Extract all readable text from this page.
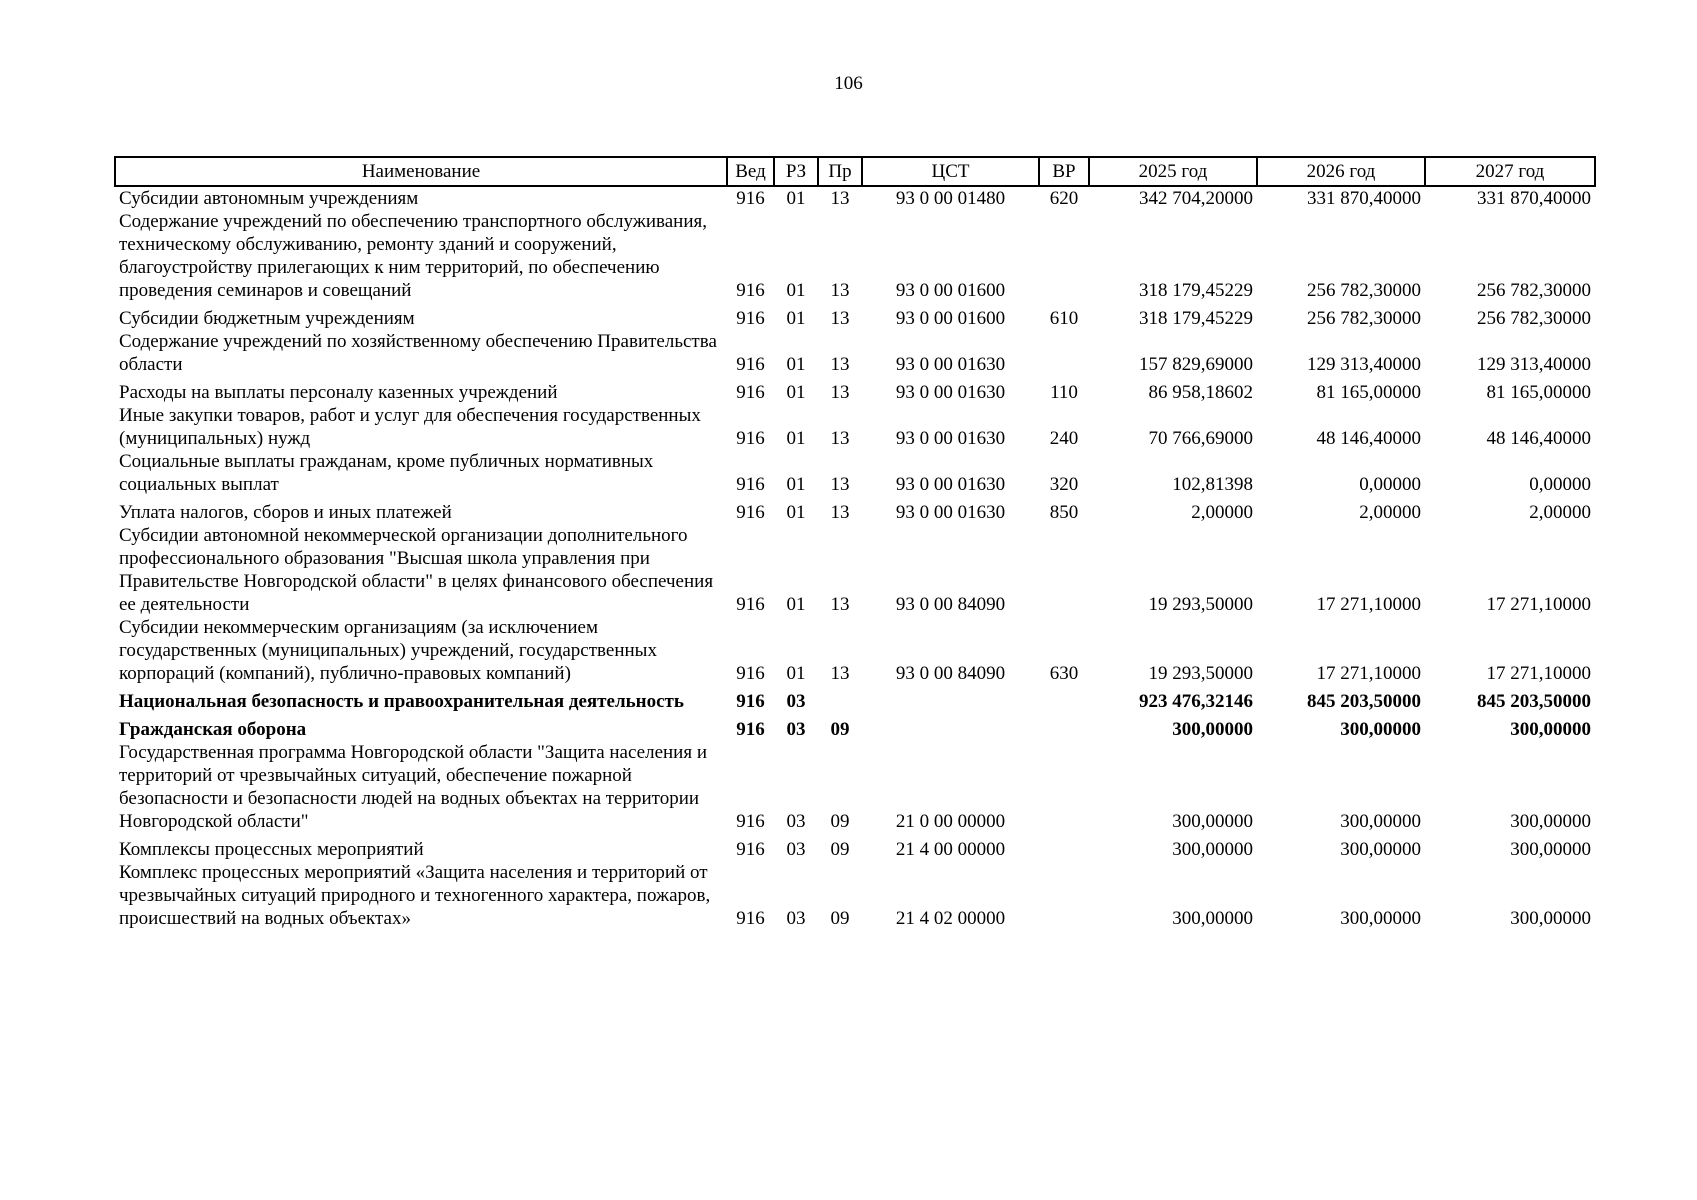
106
Наименование	Вед	РЗ	Пр	ЦСТ	ВР	2025 год	2026 год	2027 год
Субсидии автономным учреждениям	916	01	13	93 0 00 01480	620	342 704,20000	331 870,40000	331 870,40000
Содержание учреждений по обеспечению транспортного обслуживания, техническому обслуживанию, ремонту зданий и сооружений, благоустройству прилегающих к ним территорий, по обеспечению проведения семинаров и совещаний	916	01	13	93 0 00 01600		318 179,45229	256 782,30000	256 782,30000
Субсидии бюджетным учреждениям	916	01	13	93 0 00 01600	610	318 179,45229	256 782,30000	256 782,30000
Содержание учреждений по хозяйственному обеспечению Правительства области	916	01	13	93 0 00 01630		157 829,69000	129 313,40000	129 313,40000
Расходы на выплаты персоналу казенных учреждений	916	01	13	93 0 00 01630	110	86 958,18602	81 165,00000	81 165,00000
Иные закупки товаров, работ и услуг для обеспечения государственных (муниципальных) нужд	916	01	13	93 0 00 01630	240	70 766,69000	48 146,40000	48 146,40000
Социальные выплаты гражданам, кроме публичных нормативных социальных выплат	916	01	13	93 0 00 01630	320	102,81398	0,00000	0,00000
Уплата налогов, сборов и иных платежей	916	01	13	93 0 00 01630	850	2,00000	2,00000	2,00000
Субсидии автономной некоммерческой организации дополнительного профессионального образования "Высшая школа управления при Правительстве Новгородской области" в целях финансового обеспечения ее деятельности	916	01	13	93 0 00 84090		19 293,50000	17 271,10000	17 271,10000
Субсидии некоммерческим организациям (за исключением государственных (муниципальных) учреждений, государственных корпораций (компаний), публично-правовых компаний)	916	01	13	93 0 00 84090	630	19 293,50000	17 271,10000	17 271,10000
Национальная безопасность и правоохранительная деятельность	916	03				923 476,32146	845 203,50000	845 203,50000
Гражданская оборона	916	03	09			300,00000	300,00000	300,00000
Государственная программа Новгородской области "Защита населения и территорий от чрезвычайных ситуаций, обеспечение пожарной безопасности и безопасности людей на водных объектах на территории Новгородской области"	916	03	09	21 0 00 00000		300,00000	300,00000	300,00000
Комплексы процессных мероприятий	916	03	09	21 4 00 00000		300,00000	300,00000	300,00000
Комплекс процессных мероприятий «Защита населения и территорий от чрезвычайных ситуаций природного и техногенного характера, пожаров, происшествий на водных объектах»	916	03	09	21 4 02 00000		300,00000	300,00000	300,00000
